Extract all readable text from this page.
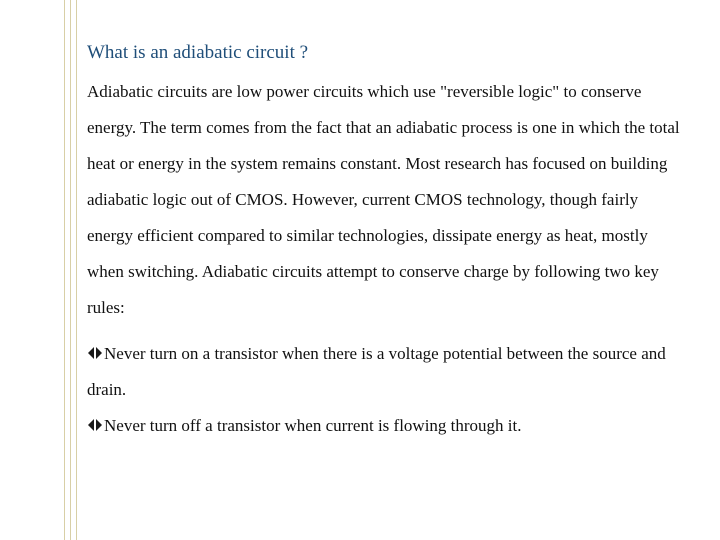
What is an adiabatic circuit ?

Adiabatic circuits are low power circuits which use "reversible logic" to conserve energy. The term comes from the fact that an adiabatic process is one in which the total heat or energy in the system remains constant. Most research has focused on building adiabatic logic out of CMOS. However, current CMOS technology, though fairly energy efficient compared to similar technologies, dissipate energy as heat, mostly when switching. Adiabatic circuits attempt to conserve charge by following two key rules:

Never turn on a transistor when there is a voltage potential between the source and drain.
Never turn off a transistor when current is flowing through it.
